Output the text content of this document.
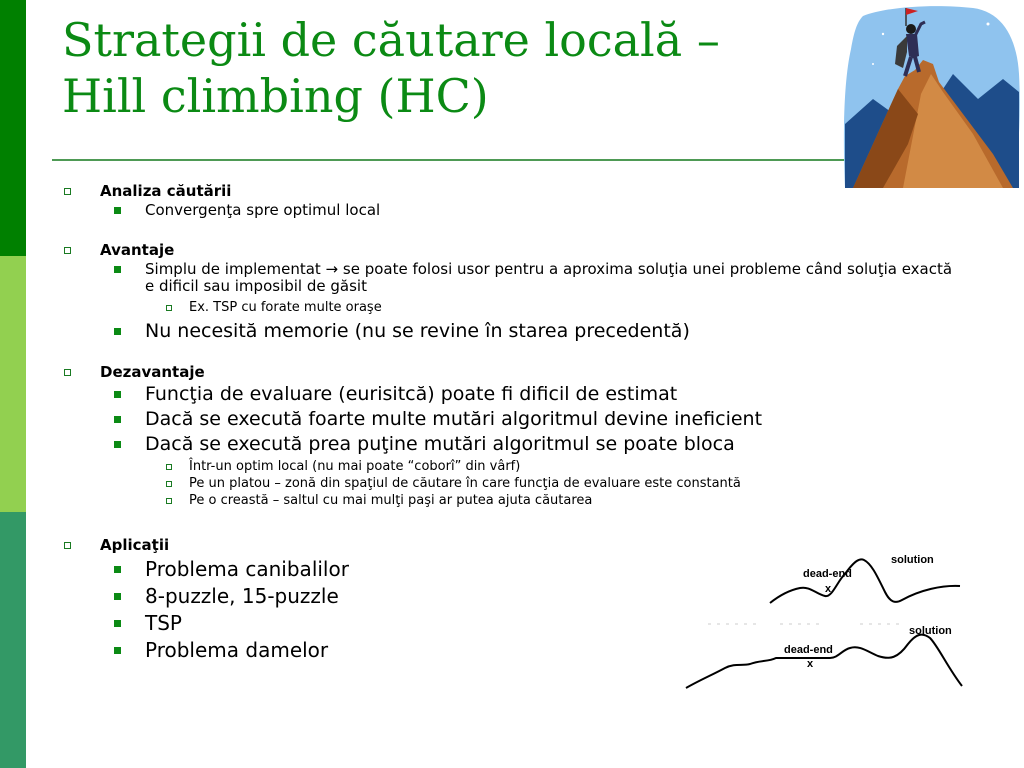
Strategii de căutare locală –
Hill climbing (HC)
Analiza căutării
Convergenţa spre optimul local
Avantaje
Simplu de implementat → se poate folosi usor pentru a aproxima soluţia unei probleme când soluţia exactă e dificil sau imposibil de găsit
Ex. TSP cu forate multe oraşe
Nu necesită memorie (nu se revine în starea precedentă)
Dezavantaje
Funcţia de evaluare (eurisitcă) poate fi dificil de estimat
Dacă se execută foarte multe mutări algoritmul devine ineficient
Dacă se execută prea puţine mutări algoritmul se poate bloca
Într-un optim local (nu mai poate “coborî” din vârf)
Pe un platou – zonă din spaţiul de căutare în care funcţia de evaluare este constantă
Pe o creastă – saltul cu mai mulţi paşi ar putea ajuta căutarea
Aplicaţii
Problema canibalilor
8-puzzle, 15-puzzle
TSP
Problema damelor
dead-end
x
solution
dead-end
x
solution
